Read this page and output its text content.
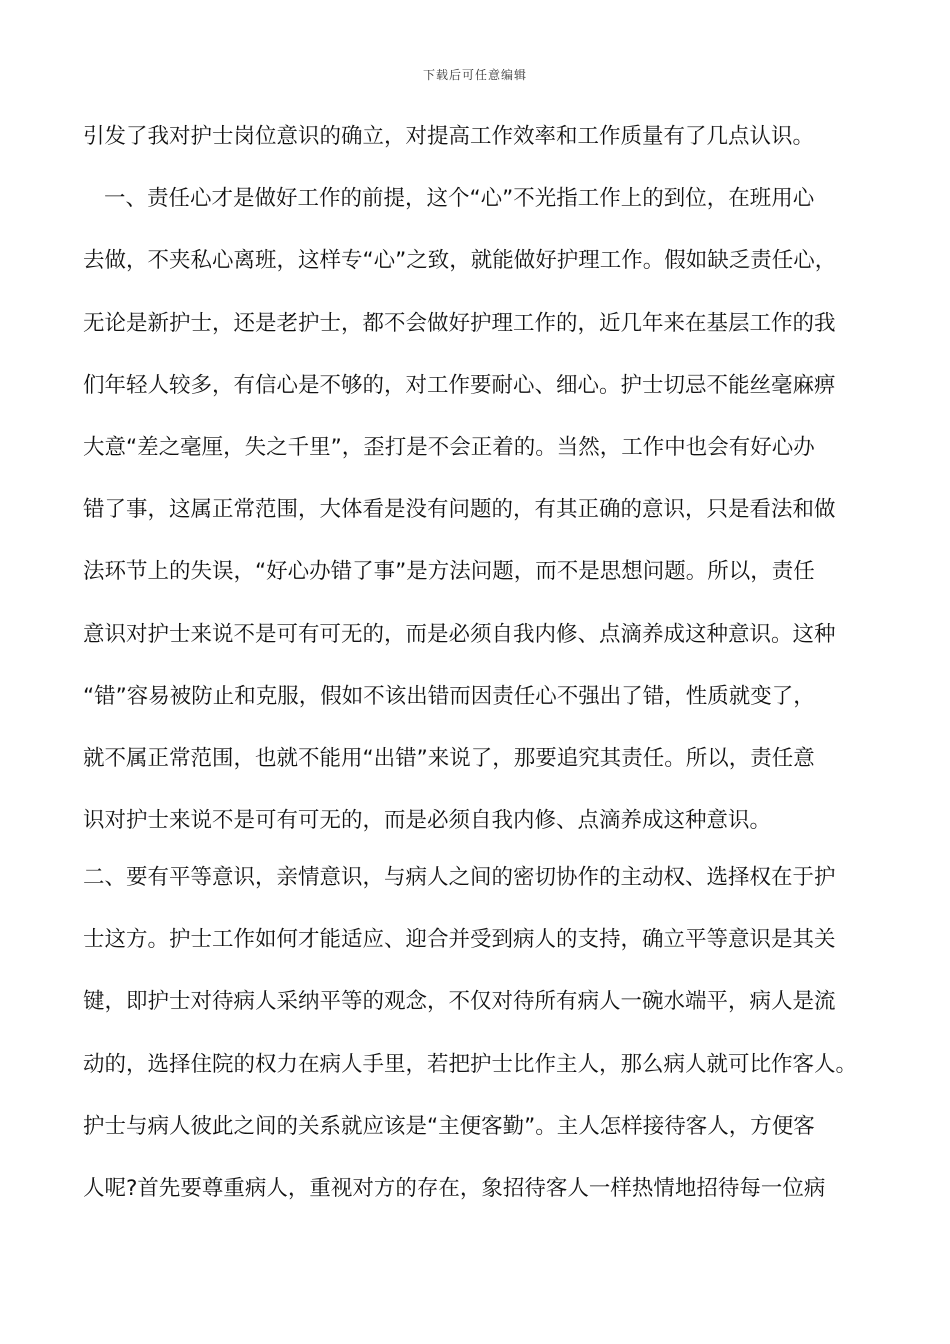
下载后可任意编辑
引发了我对护士岗位意识的确立，对提高工作效率和工作质量有了几点认识。
一、责任心才是做好工作的前提，这个“心”不光指工作上的到位，在班用心
去做，不夹私心离班，这样专“心”之致，就能做好护理工作。假如缺乏责任心，
无论是新护士，还是老护士，都不会做好护理工作的，近几年来在基层工作的我
们年轻人较多，有信心是不够的，对工作要耐心、细心。护士切忌不能丝毫麻痹
大意“差之毫厘，失之千里”，歪打是不会正着的。当然，工作中也会有好心办
错了事，这属正常范围，大体看是没有问题的，有其正确的意识，只是看法和做
法环节上的失误，“好心办错了事”是方法问题，而不是思想问题。所以，责任
意识对护士来说不是可有可无的，而是必须自我内修、点滴养成这种意识。这种
“错”容易被防止和克服，假如不该出错而因责任心不强出了错，性质就变了，
就不属正常范围，也就不能用“出错”来说了，那要追究其责任。所以，责任意
识对护士来说不是可有可无的，而是必须自我内修、点滴养成这种意识。
二、要有平等意识，亲情意识，与病人之间的密切协作的主动权、选择权在于护
士这方。护士工作如何才能适应、迎合并受到病人的支持，确立平等意识是其关
键，即护士对待病人采纳平等的观念，不仅对待所有病人一碗水端平，病人是流
动的，选择住院的权力在病人手里，若把护士比作主人，那么病人就可比作客人。
护士与病人彼此之间的关系就应该是“主便客勤”。主人怎样接待客人，方便客
人呢?首先要尊重病人，重视对方的存在，象招待客人一样热情地招待每一位病
